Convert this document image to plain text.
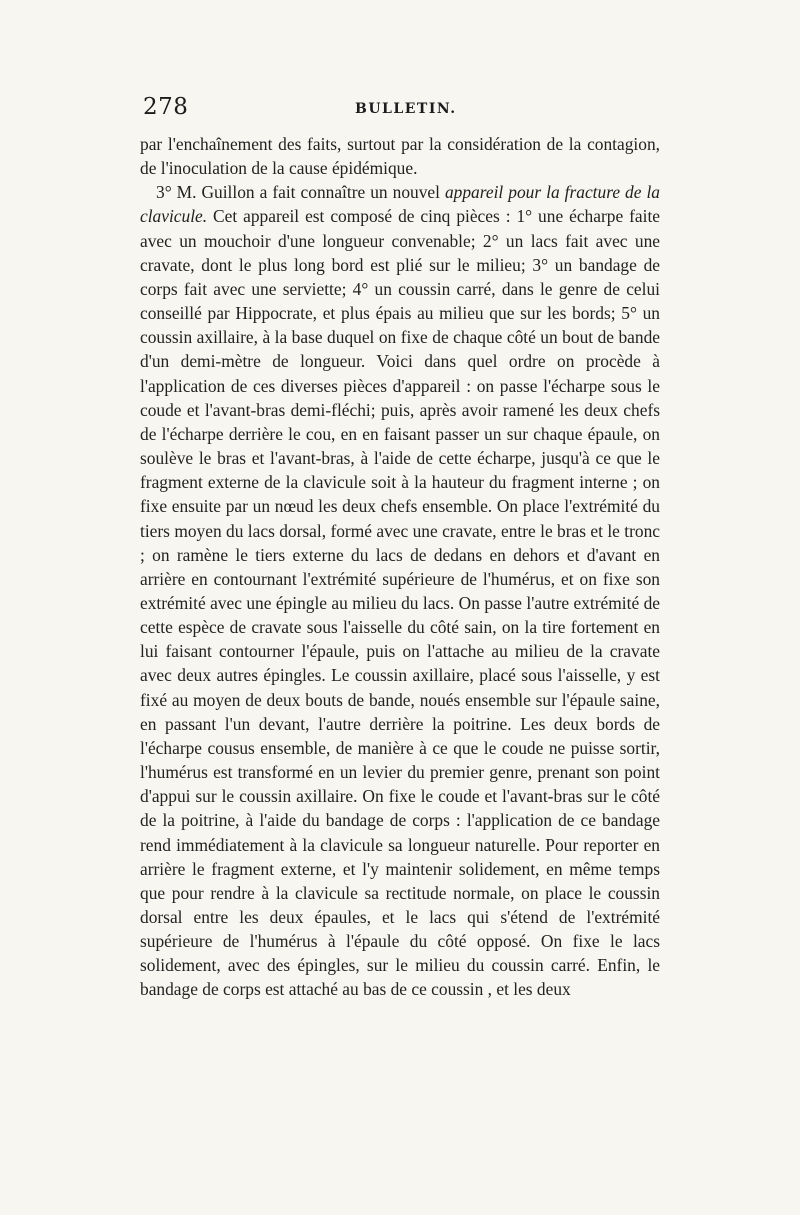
278	BULLETIN.

par l'enchaînement des faits, surtout par la considération de la contagion, de l'inoculation de la cause épidémique.

3° M. Guillon a fait connaître un nouvel appareil pour la fracture de la clavicule. Cet appareil est composé de cinq pièces : 1° une écharpe faite avec un mouchoir d'une longueur convenable; 2° un lacs fait avec une cravate, dont le plus long bord est plié sur le milieu; 3° un bandage de corps fait avec une serviette; 4° un coussin carré, dans le genre de celui conseillé par Hippocrate, et plus épais au milieu que sur les bords; 5° un coussin axillaire, à la base duquel on fixe de chaque côté un bout de bande d'un demi-mètre de longueur. Voici dans quel ordre on procède à l'application de ces diverses pièces d'appareil : on passe l'écharpe sous le coude et l'avant-bras demi-fléchi; puis, après avoir ramené les deux chefs de l'écharpe derrière le cou, en en faisant passer un sur chaque épaule, on soulève le bras et l'avant-bras, à l'aide de cette écharpe, jusqu'à ce que le fragment externe de la clavicule soit à la hauteur du fragment interne ; on fixe ensuite par un nœud les deux chefs ensemble. On place l'extrémité du tiers moyen du lacs dorsal, formé avec une cravate, entre le bras et le tronc ; on ramène le tiers externe du lacs de dedans en dehors et d'avant en arrière en contournant l'extrémité supérieure de l'humérus, et on fixe son extrémité avec une épingle au milieu du lacs. On passe l'autre extrémité de cette espèce de cravate sous l'aisselle du côté sain, on la tire fortement en lui faisant contourner l'épaule, puis on l'attache au milieu de la cravate avec deux autres épingles. Le coussin axillaire, placé sous l'aisselle, y est fixé au moyen de deux bouts de bande, noués ensemble sur l'épaule saine, en passant l'un devant, l'autre derrière la poitrine. Les deux bords de l'écharpe cousus ensemble, de manière à ce que le coude ne puisse sortir, l'humérus est transformé en un levier du premier genre, prenant son point d'appui sur le coussin axillaire. On fixe le coude et l'avant-bras sur le côté de la poitrine, à l'aide du bandage de corps : l'application de ce bandage rend immédiatement à la clavicule sa longueur naturelle. Pour reporter en arrière le fragment externe, et l'y maintenir solidement, en même temps que pour rendre à la clavicule sa rectitude normale, on place le coussin dorsal entre les deux épaules, et le lacs qui s'étend de l'extrémité supérieure de l'humérus à l'épaule du côté opposé. On fixe le lacs solidement, avec des épingles, sur le milieu du coussin carré. Enfin, le bandage de corps est attaché au bas de ce coussin , et les deux
